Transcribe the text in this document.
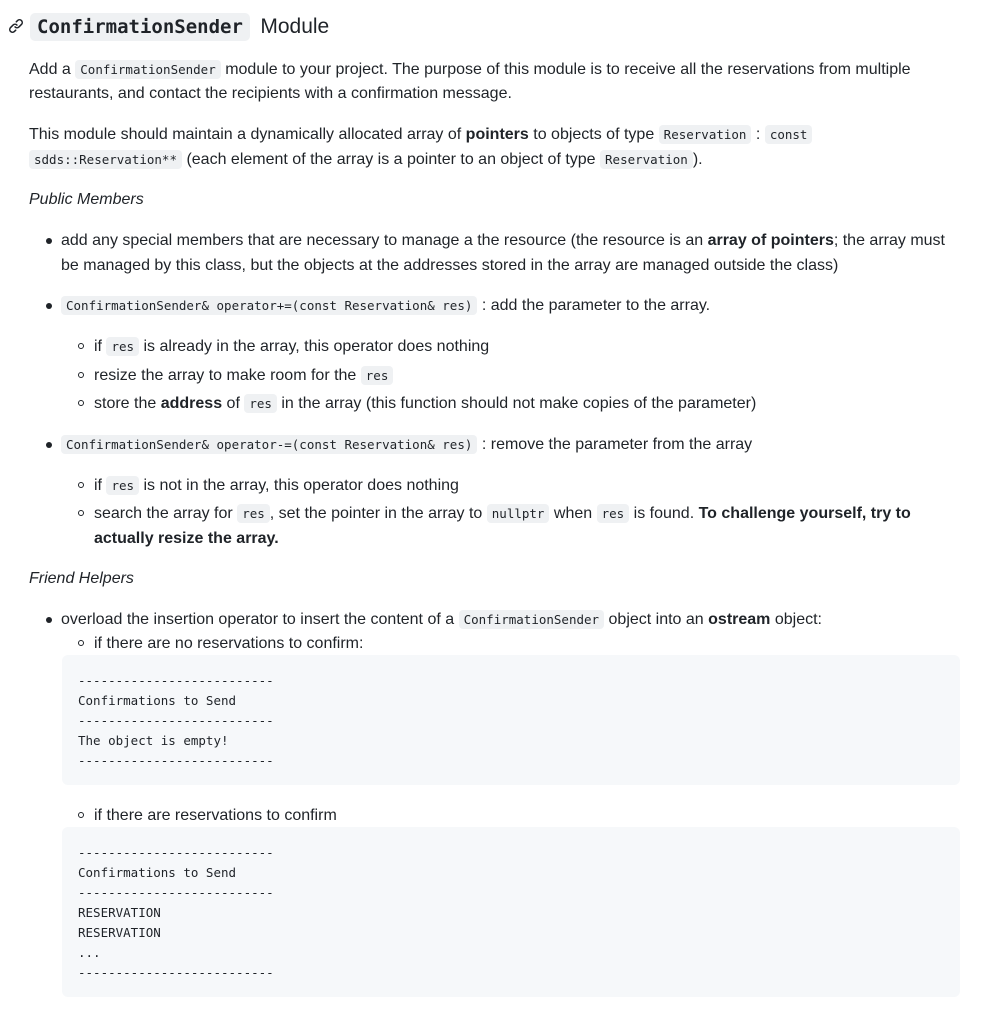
ConfirmationSender Module
Add a ConfirmationSender module to your project. The purpose of this module is to receive all the reservations from multiple
restaurants, and contact the recipients with a confirmation message.
This module should maintain a dynamically allocated array of pointers to objects of type Reservation : const
sdds::Reservation** (each element of the array is a pointer to an object of type Reservation ).
Public Members
add any special members that are necessary to manage a the resource (the resource is an array of pointers; the array must
be managed by this class, but the objects at the addresses stored in the array are managed outside the class)
ConfirmationSender& operator+=(const Reservation& res) : add the parameter to the array.
if res is already in the array, this operator does nothing
resize the array to make room for the res
store the address of res in the array (this function should not make copies of the parameter)
ConfirmationSender& operator-=(const Reservation& res) : remove the parameter from the array
if res is not in the array, this operator does nothing
search the array for res , set the pointer in the array to nullptr when res is found. To challenge yourself, try to
actually resize the array.
Friend Helpers
overload the insertion operator to insert the content of a ConfirmationSender object into an ostream object:
if there are no reservations to confirm:
--------------------------
Confirmations to Send
--------------------------
The object is empty!
--------------------------
if there are reservations to confirm
--------------------------
Confirmations to Send
--------------------------
RESERVATION
RESERVATION
...
--------------------------
